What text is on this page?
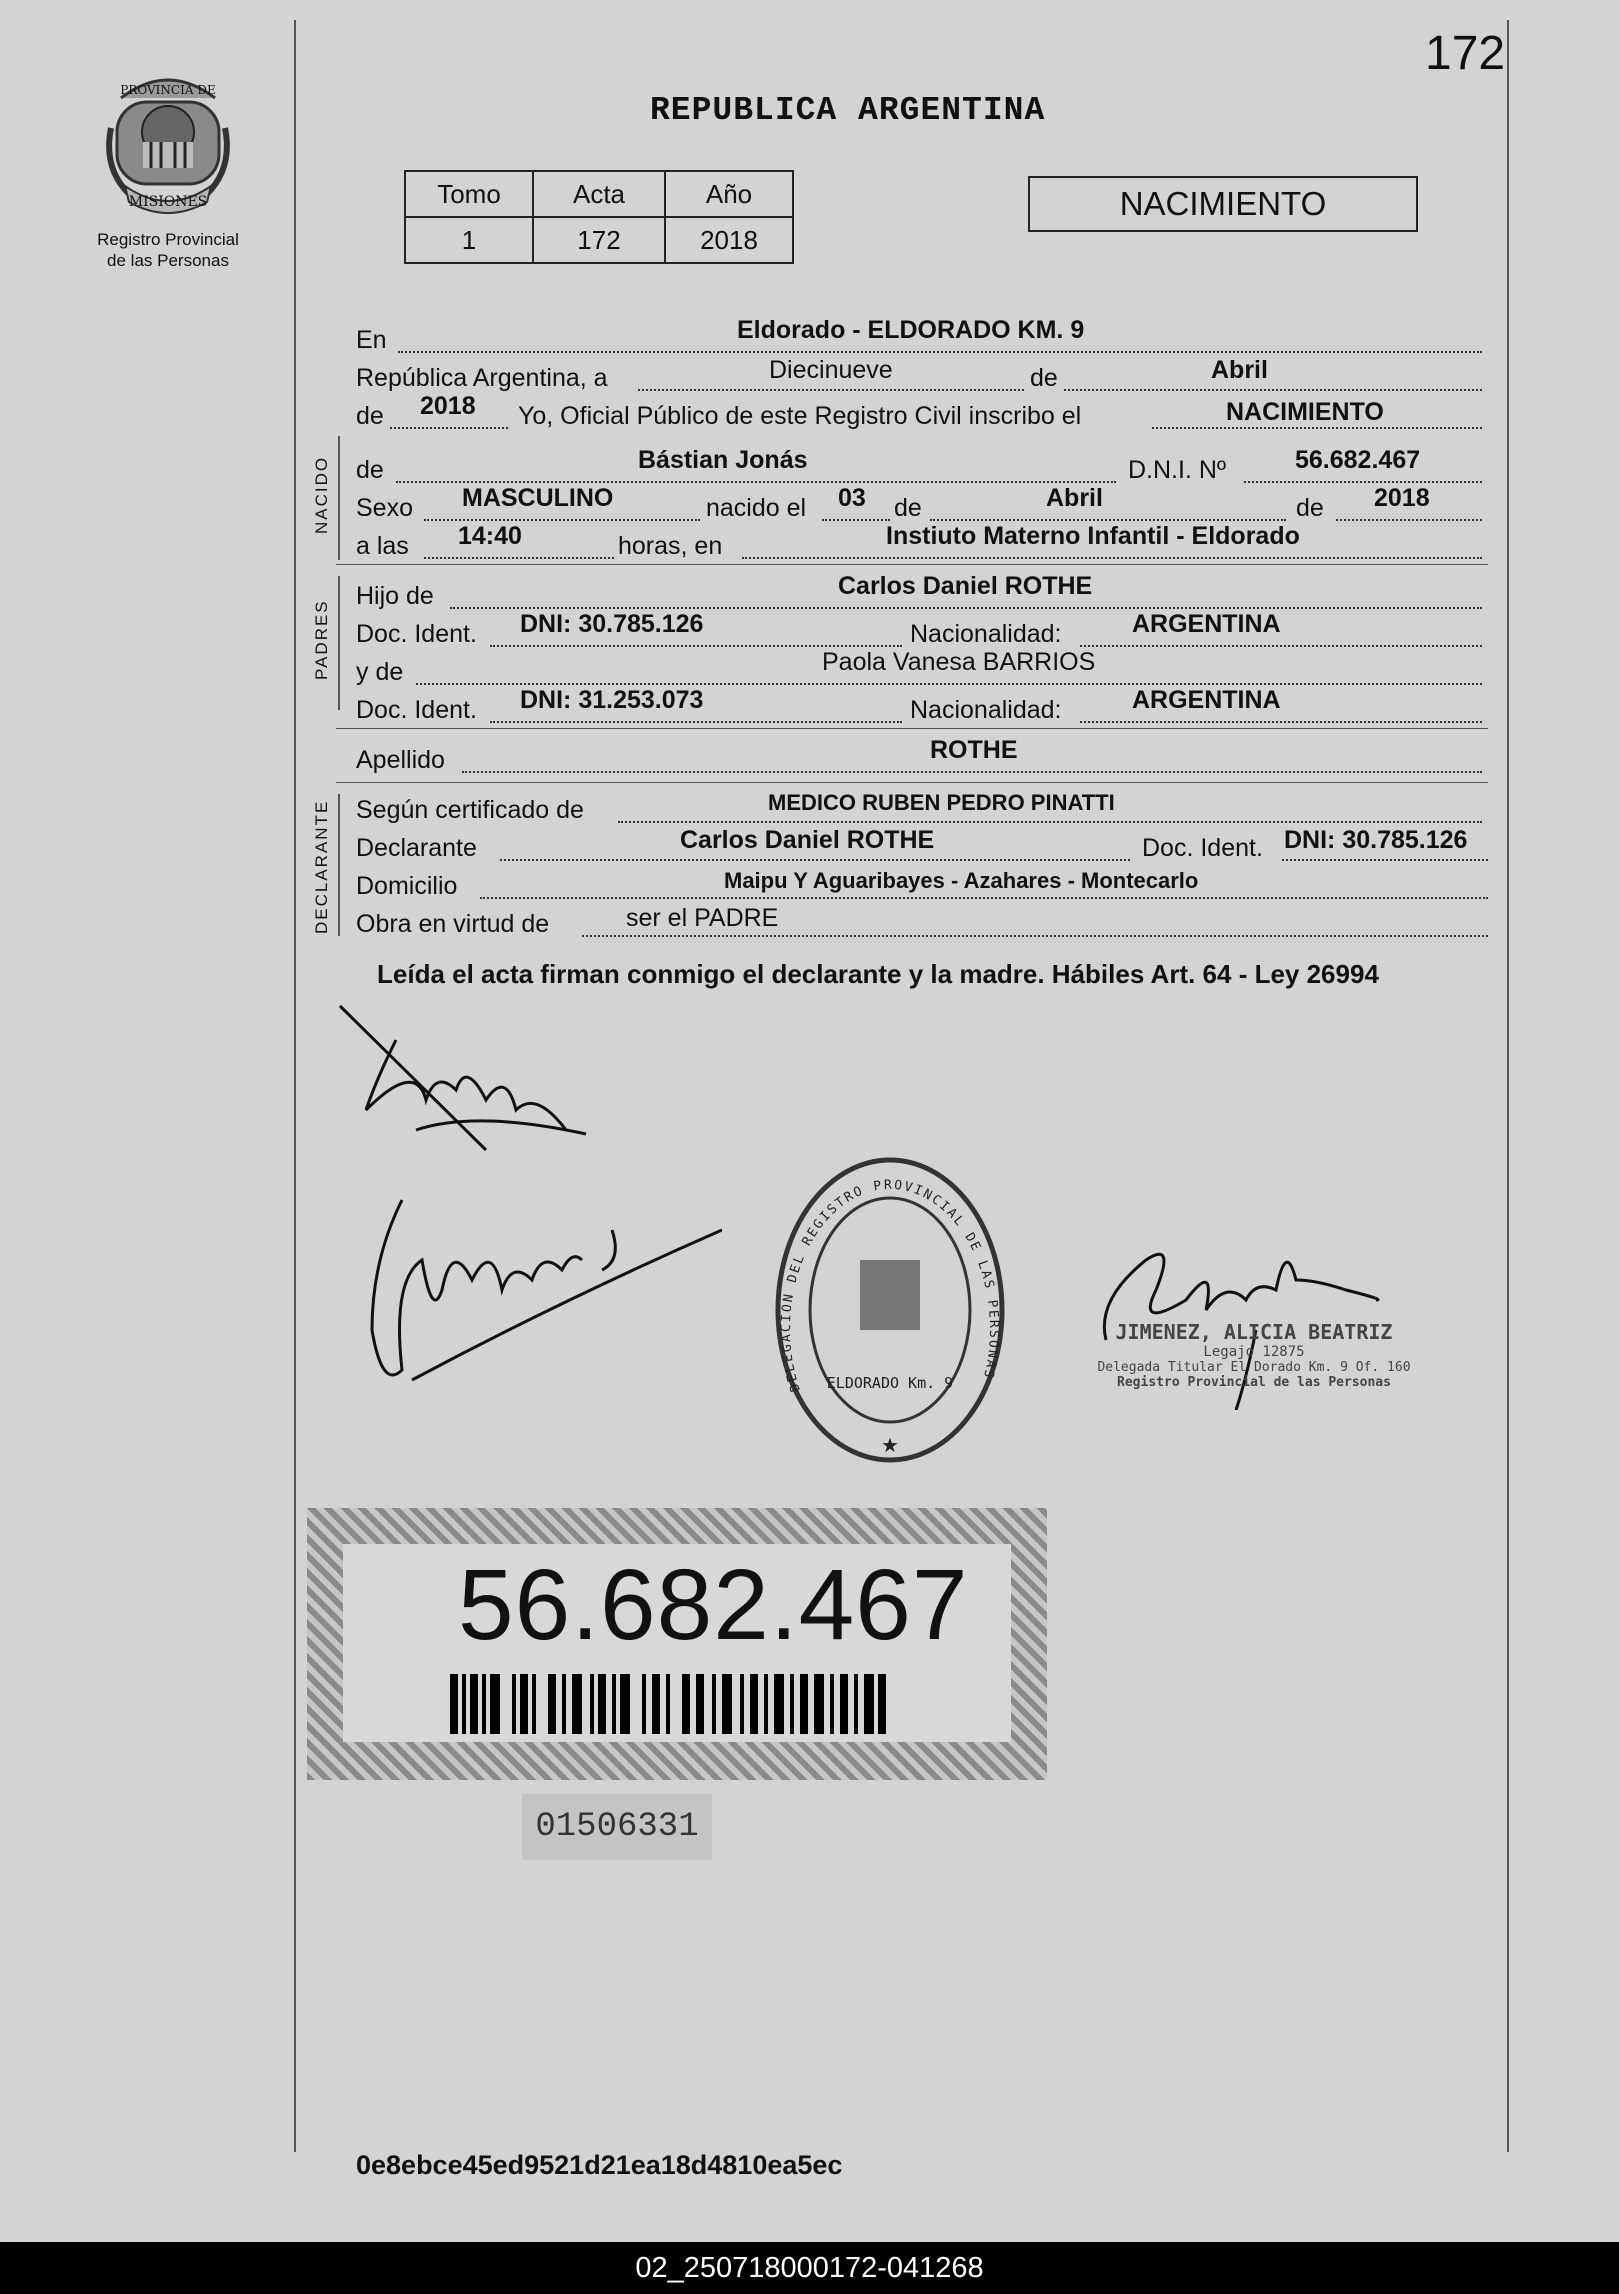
PROVINCIA DE
MISIONES
Registro Provincial
de las Personas
172
REPUBLICA ARGENTINA
Tomo	Acta	Año
1	172	2018
NACIMIENTO
En	Eldorado - ELDORADO KM. 9
República Argentina, a	Diecinueve	de	Abril
de 2018 Yo, Oficial Público de este Registro Civil inscribo el	NACIMIENTO
NACIDO de	Bástian Jonás	D.N.I. Nº	56.682.467
Sexo MASCULINO	nacido el 03 de	Abril	de 2018
a las 14:40	horas, en	Instiuto Materno Infantil - Eldorado
PADRES
Hijo de	Carlos Daniel ROTHE
Doc. Ident. DNI: 30.785.126	Nacionalidad:	ARGENTINA
y de	Paola Vanesa BARRIOS
Doc. Ident. DNI: 31.253.073	Nacionalidad:	ARGENTINA
Apellido	ROTHE
DECLARANTE Según certificado de	MEDICO RUBEN PEDRO PINATTI
Declarante	Carlos Daniel ROTHE	Doc. Ident. DNI: 30.785.126
Domicilio	Maipu Y Aguaribayes - Azahares - Montecarlo
Obra en virtud de	ser el PADRE
Leída el acta firman conmigo el declarante y la madre. Hábiles Art. 64 - Ley 26994
DELEGACION DEL REGISTRO PROVINCIAL DE LAS PERSONAS
ELDORADO Km. 9
★
JIMENEZ, ALICIA BEATRIZ
Legajo 12875
Delegada Titular El Dorado Km. 9 Of. 160
Registro Provincial de las Personas
56.682.467
01506331
0e8ebce45ed9521d21ea18d4810ea5ec
02_250718000172-041268
